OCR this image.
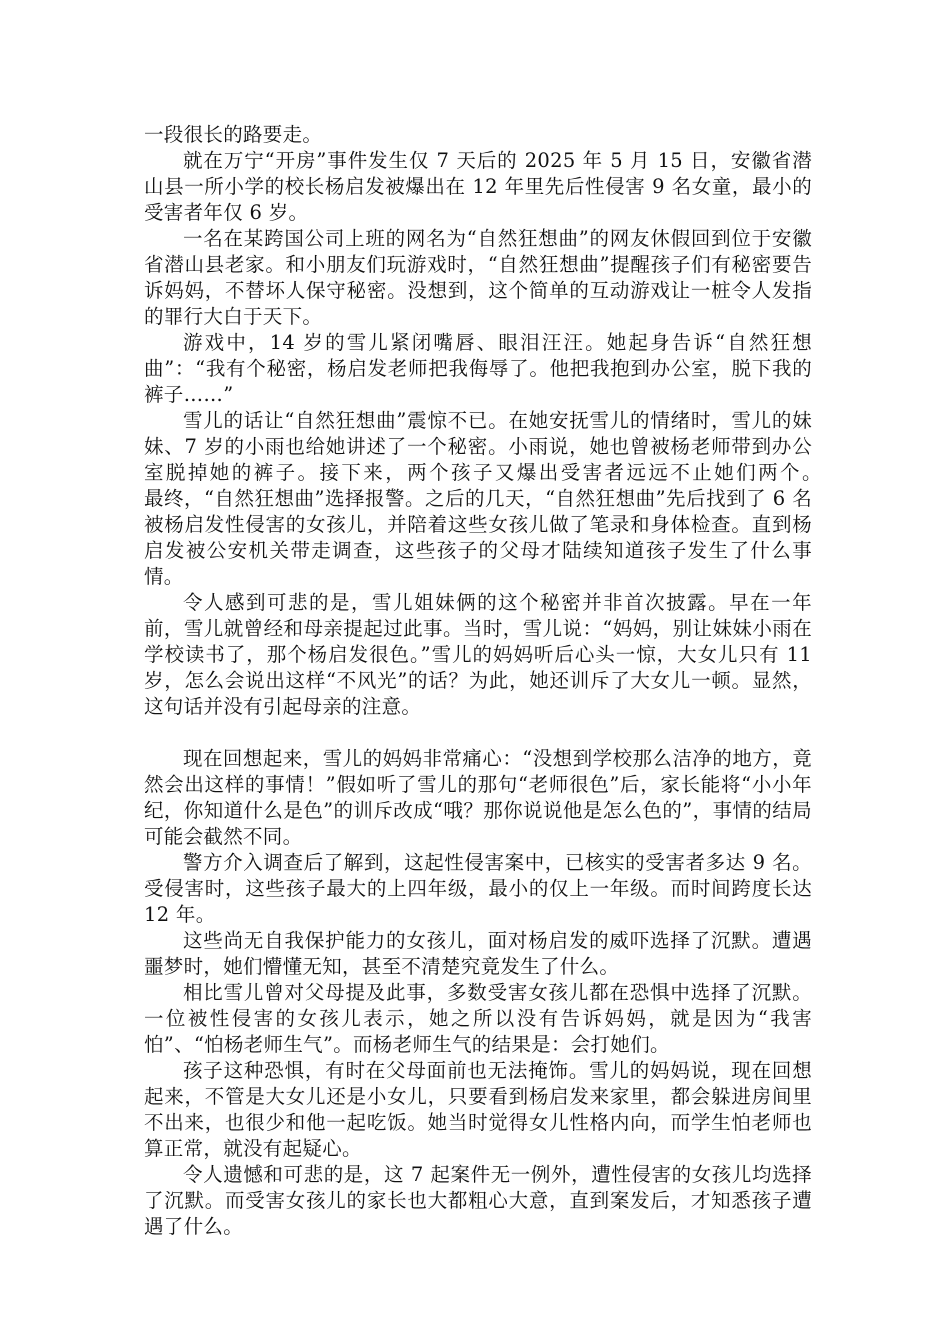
一段很长的路要走。

就在万宁“开房”事件发生仅 7 天后的 2025 年 5 月 15 日，安徽省潜山县一所小学的校长杨启发被爆出在 12 年里先后性侵害 9 名女童，最小的受害者年仅 6 岁。

一名在某跨国公司上班的网名为“自然狂想曲”的网友休假回到位于安徽省潜山县老家。和小朋友们玩游戏时，“自然狂想曲”提醒孩子们有秘密要告诉妈妈，不替坏人保守秘密。没想到，这个简单的互动游戏让一桩令人发指的罪行大白于天下。

游戏中，14 岁的雪儿紧闭嘴唇、眼泪汪汪。她起身告诉“自然狂想曲”：“我有个秘密，杨启发老师把我侮辱了。他把我抱到办公室，脱下我的裤子……”

雪儿的话让“自然狂想曲”震惊不已。在她安抚雪儿的情绪时，雪儿的妹妹、7 岁的小雨也给她讲述了一个秘密。小雨说，她也曾被杨老师带到办公室脱掉她的裤子。接下来，两个孩子又爆出受害者远远不止她们两个。　　　最终，“自然狂想曲”选择报警。之后的几天，“自然狂想曲”先后找到了 6 名被杨启发性侵害的女孩儿，并陪着这些女孩儿做了笔录和身体检查。直到杨启发被公安机关带走调查，这些孩子的父母才陆续知道孩子发生了什么事情。

令人感到可悲的是，雪儿姐妹俩的这个秘密并非首次披露。早在一年前，雪儿就曾经和母亲提起过此事。当时，雪儿说：“妈妈，别让妹妹小雨在学校读书了，那个杨启发很色。”雪儿的妈妈听后心头一惊，大女儿只有 11 岁，怎么会说出这样“不风光”的话？为此，她还训斥了大女儿一顿。显然，这句话并没有引起母亲的注意。

现在回想起来，雪儿的妈妈非常痛心：“没想到学校那么洁净的地方，竟然会出这样的事情！”假如听了雪儿的那句“老师很色”后，家长能将“小小年纪，你知道什么是色”的训斥改成“哦？那你说说他是怎么色的”，事情的结局可能会截然不同。

警方介入调查后了解到，这起性侵害案中，已核实的受害者多达 9 名。受侵害时，这些孩子最大的上四年级，最小的仅上一年级。而时间跨度长达 12 年。

这些尚无自我保护能力的女孩儿，面对杨启发的威吓选择了沉默。遭遇噩梦时，她们懵懂无知，甚至不清楚究竟发生了什么。

相比雪儿曾对父母提及此事，多数受害女孩儿都在恐惧中选择了沉默。一位被性侵害的女孩儿表示，她之所以没有告诉妈妈，就是因为“我害怕”、“怕杨老师生气”。而杨老师生气的结果是：会打她们。

孩子这种恐惧，有时在父母面前也无法掩饰。雪儿的妈妈说，现在回想起来，不管是大女儿还是小女儿，只要看到杨启发来家里，都会躲进房间里不出来，也很少和他一起吃饭。她当时觉得女儿性格内向，而学生怕老师也算正常，就没有起疑心。

令人遗憾和可悲的是，这 7 起案件无一例外，遭性侵害的女孩儿均选择了沉默。而受害女孩儿的家长也大都粗心大意，直到案发后，才知悉孩子遭遇了什么。
